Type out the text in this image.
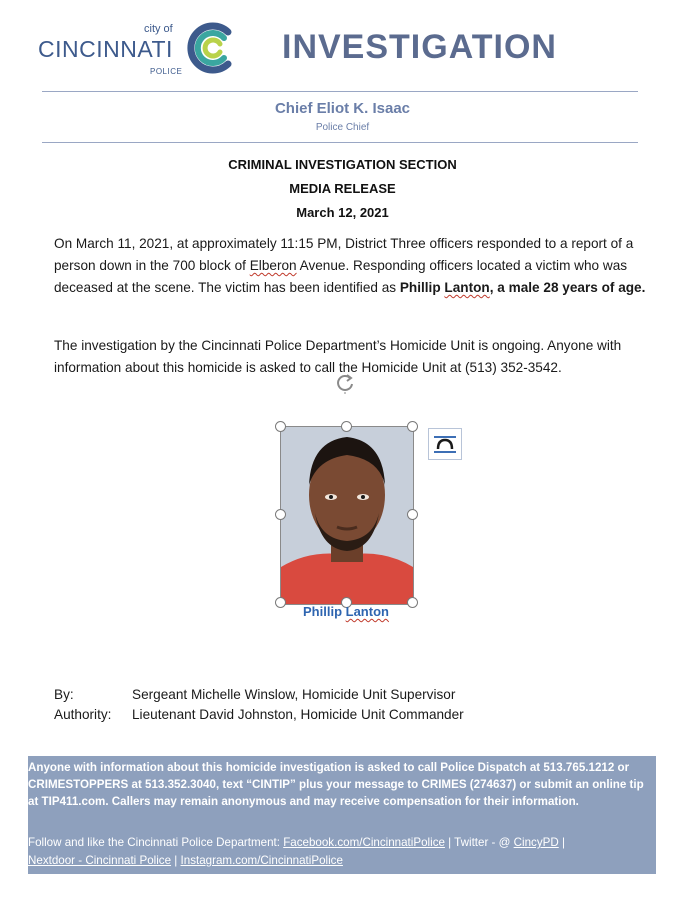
city of
CINCINNATI
POLICE
INVESTIGATION
Chief Eliot K. Isaac
Police Chief
CRIMINAL INVESTIGATION SECTION
MEDIA RELEASE
March 12, 2021
On March 11, 2021, at approximately 11:15 PM, District Three officers responded to a report of a person down in the 700 block of Elberon Avenue. Responding officers located a victim who was deceased at the scene. The victim has been identified as Phillip Lanton, a male 28 years of age.
The investigation by the Cincinnati Police Department’s Homicide Unit is ongoing. Anyone with information about this homicide is asked to call the Homicide Unit at (513) 352-3542.
Phillip Lanton
By:	Sergeant Michelle Winslow, Homicide Unit Supervisor
Authority: Lieutenant David Johnston, Homicide Unit Commander
Anyone with information about this homicide investigation is asked to call Police Dispatch at 513.765.1212 or CRIMESTOPPERS at 513.352.3040, text “CINTIP” plus your message to CRIMES (274637) or submit an online tip at TIP411.com. Callers may remain anonymous and may receive compensation for their information.
Follow and like the Cincinnati Police Department: Facebook.com/CincinnatiPolice | Twitter - @ CincyPD |
Nextdoor - Cincinnati Police | Instagram.com/CincinnatiPolice
